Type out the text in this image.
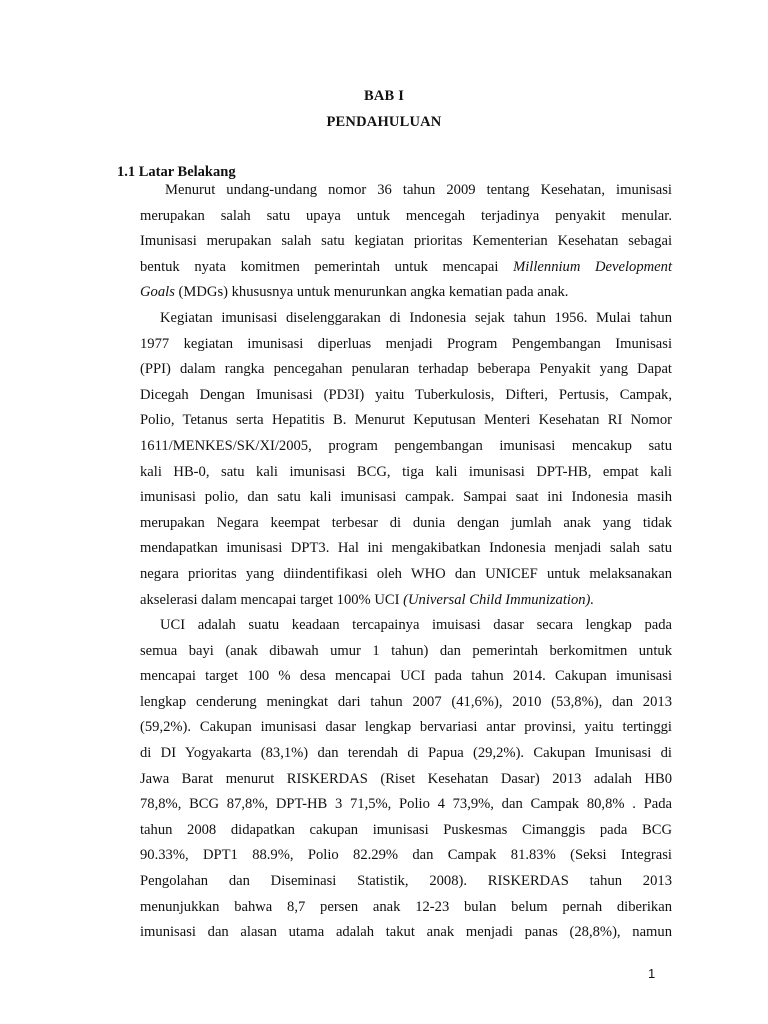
BAB I
PENDAHULUAN
1.1 Latar Belakang
Menurut undang-undang nomor 36 tahun 2009 tentang Kesehatan, imunisasi
merupakan salah satu upaya untuk mencegah terjadinya penyakit menular.
Imunisasi merupakan salah satu kegiatan prioritas Kementerian Kesehatan sebagai
bentuk nyata komitmen pemerintah untuk mencapai Millennium Development
Goals (MDGs) khususnya untuk menurunkan angka kematian pada anak.
Kegiatan imunisasi diselenggarakan di Indonesia sejak tahun 1956. Mulai tahun
1977 kegiatan imunisasi diperluas menjadi Program Pengembangan Imunisasi
(PPI) dalam rangka pencegahan penularan terhadap beberapa Penyakit yang Dapat
Dicegah Dengan Imunisasi (PD3I) yaitu Tuberkulosis, Difteri, Pertusis, Campak,
Polio, Tetanus serta Hepatitis B. Menurut Keputusan Menteri Kesehatan RI Nomor
1611/MENKES/SK/XI/2005, program pengembangan imunisasi mencakup satu
kali HB-0, satu kali imunisasi BCG, tiga kali imunisasi DPT-HB, empat kali
imunisasi polio, dan satu kali imunisasi campak. Sampai saat ini Indonesia masih
merupakan Negara keempat terbesar di dunia dengan jumlah anak yang tidak
mendapatkan imunisasi DPT3. Hal ini mengakibatkan Indonesia menjadi salah satu
negara prioritas yang diindentifikasi oleh WHO dan UNICEF untuk melaksanakan
akselerasi dalam mencapai target 100% UCI (Universal Child Immunization).
UCI adalah suatu keadaan tercapainya imuisasi dasar secara lengkap pada
semua bayi (anak dibawah umur 1 tahun) dan pemerintah berkomitmen untuk
mencapai target 100 % desa mencapai UCI pada tahun 2014. Cakupan imunisasi
lengkap cenderung meningkat dari tahun 2007 (41,6%), 2010 (53,8%), dan 2013
(59,2%). Cakupan imunisasi dasar lengkap bervariasi antar provinsi, yaitu tertinggi
di DI Yogyakarta (83,1%) dan terendah di Papua (29,2%). Cakupan Imunisasi di
Jawa Barat menurut RISKERDAS (Riset Kesehatan Dasar) 2013 adalah HB0
78,8%, BCG 87,8%, DPT-HB 3 71,5%, Polio 4 73,9%, dan Campak 80,8% . Pada
tahun 2008 didapatkan cakupan imunisasi Puskesmas Cimanggis pada BCG
90.33%, DPT1 88.9%, Polio 82.29% dan Campak 81.83% (Seksi Integrasi
Pengolahan dan Diseminasi Statistik, 2008). RISKERDAS tahun 2013
menunjukkan bahwa 8,7 persen anak 12-23 bulan belum pernah diberikan
imunisasi dan alasan utama adalah takut anak menjadi panas (28,8%), namun
1
